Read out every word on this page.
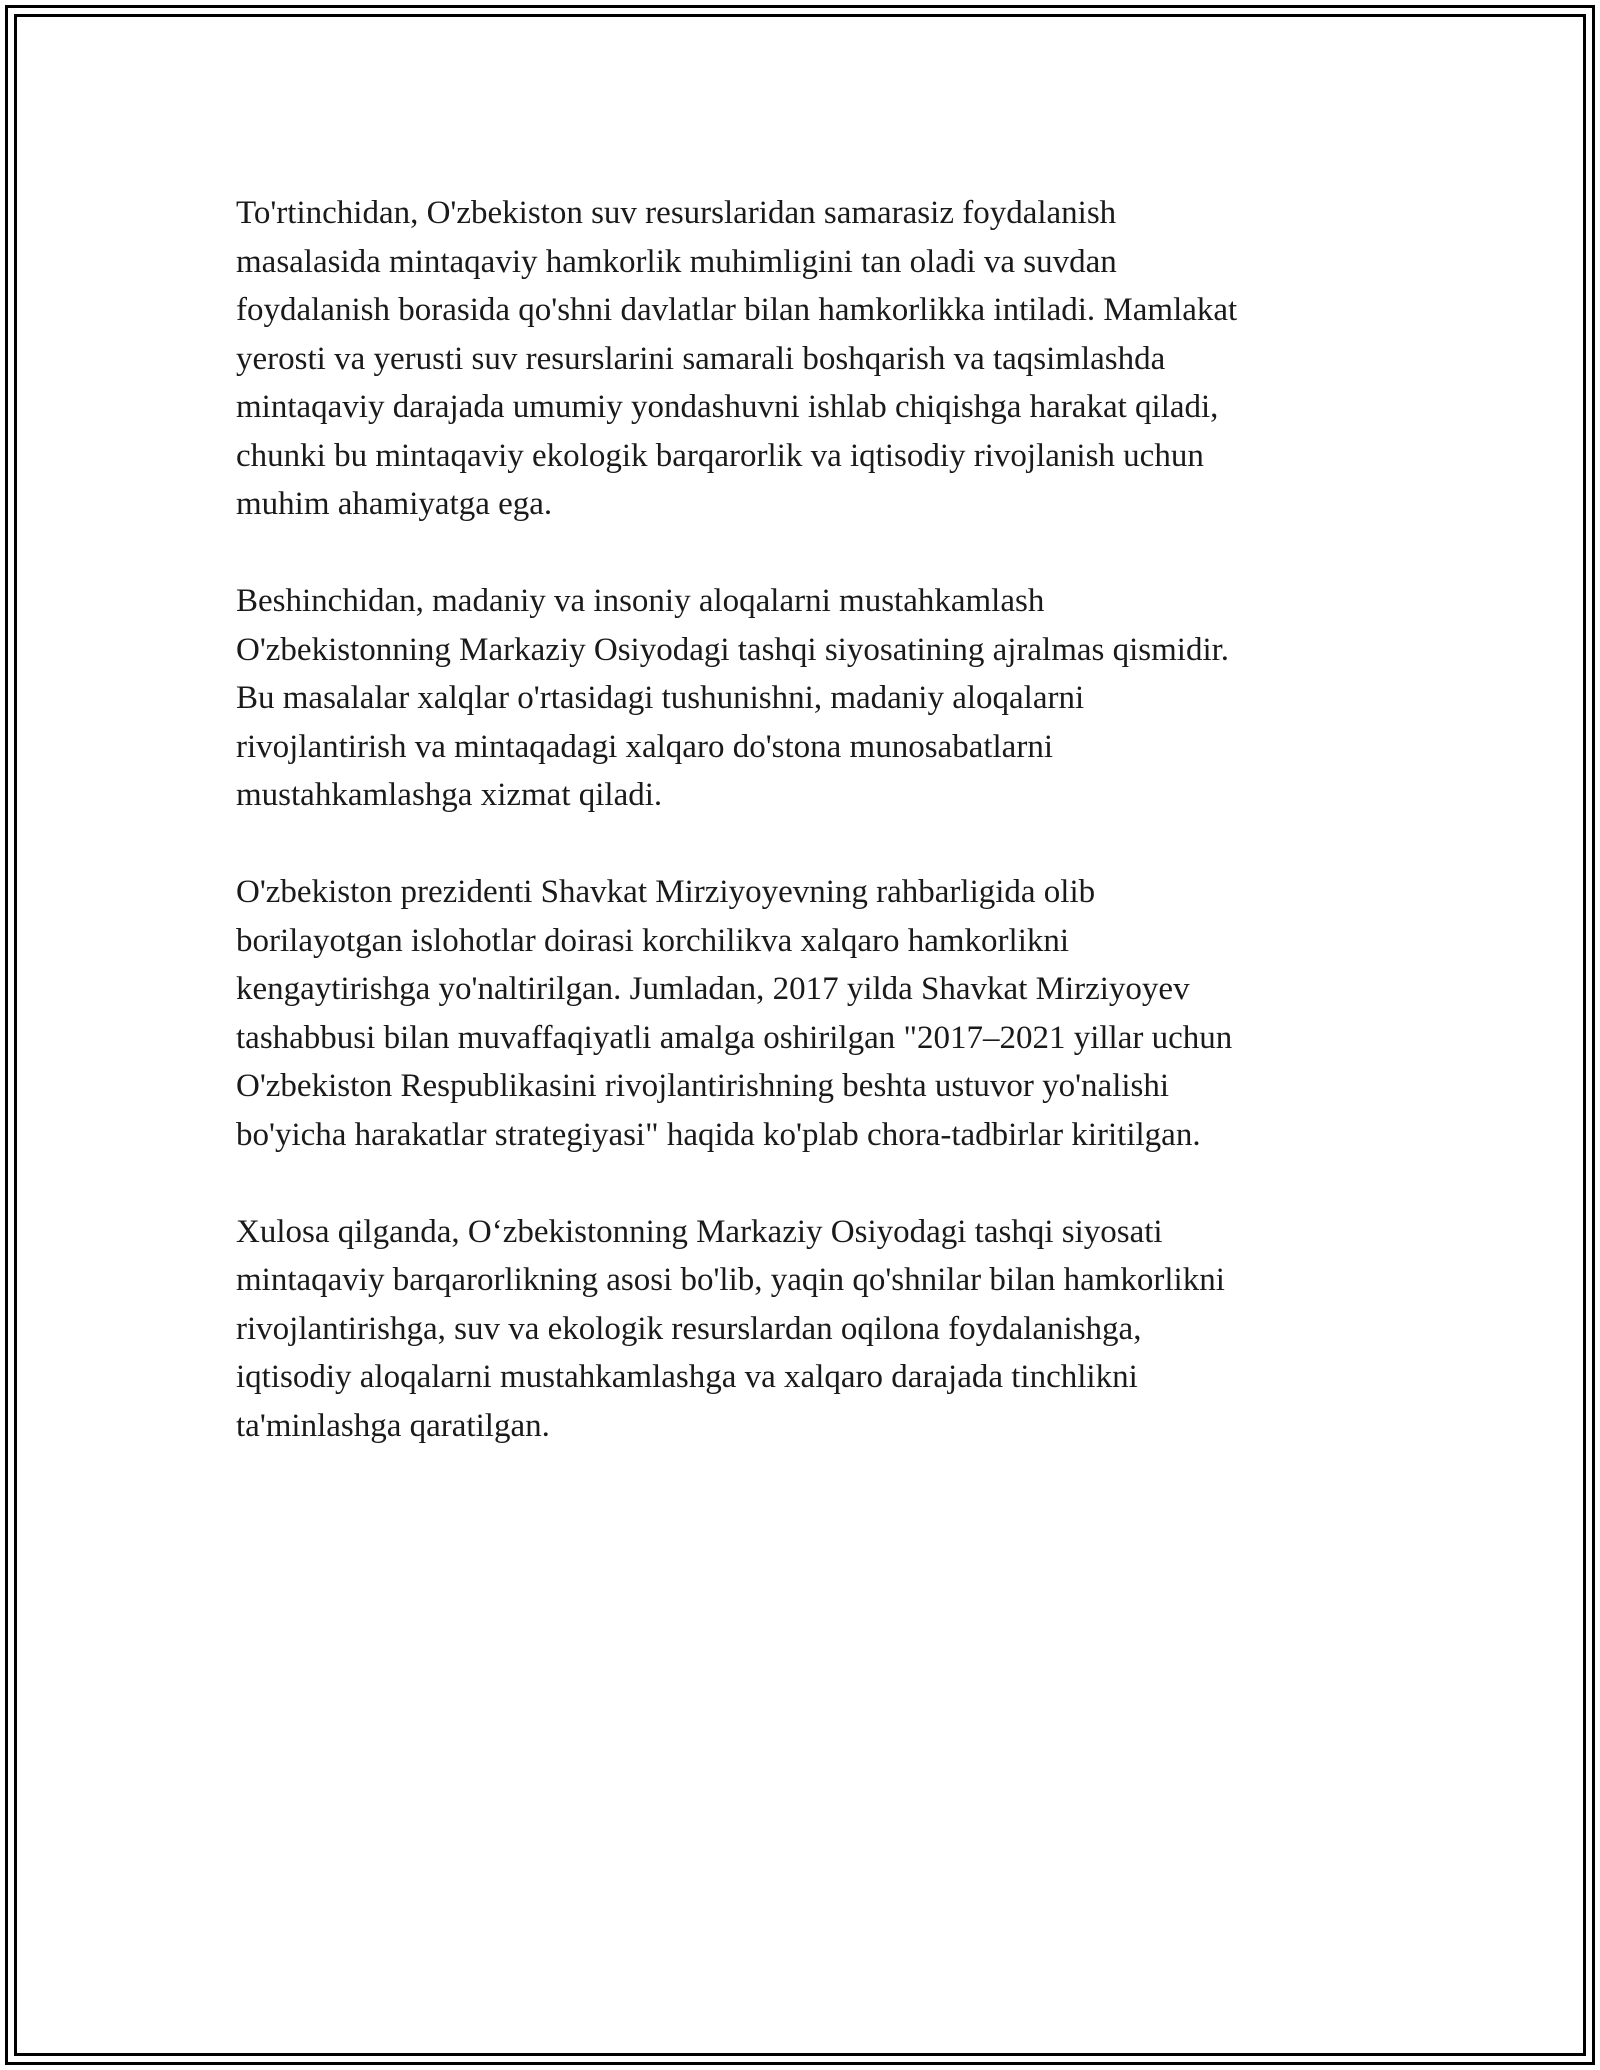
To'rtinchidan, O'zbekiston suv resurslaridan samarasiz foydalanish
masalasida mintaqaviy hamkorlik muhimligini tan oladi va suvdan
foydalanish borasida qo'shni davlatlar bilan hamkorlikka intiladi. Mamlakat
yerosti va yerusti suv resurslarini samarali boshqarish va taqsimlashda
mintaqaviy darajada umumiy yondashuvni ishlab chiqishga harakat qiladi,
chunki bu mintaqaviy ekologik barqarorlik va iqtisodiy rivojlanish uchun
muhim ahamiyatga ega.

Beshinchidan, madaniy va insoniy aloqalarni mustahkamlash
O'zbekistonning Markaziy Osiyodagi tashqi siyosatining ajralmas qismidir.
Bu masalalar xalqlar o'rtasidagi tushunishni, madaniy aloqalarni
rivojlantirish va mintaqadagi xalqaro do'stona munosabatlarni
mustahkamlashga xizmat qiladi.

O'zbekiston prezidenti Shavkat Mirziyoyevning rahbarligida olib
borilayotgan islohotlar doirasi korchilikva xalqaro hamkorlikni
kengaytirishga yo'naltirilgan. Jumladan, 2017 yilda Shavkat Mirziyoyev
tashabbusi bilan muvaffaqiyatli amalga oshirilgan "2017–2021 yillar uchun
O'zbekiston Respublikasini rivojlantirishning beshta ustuvor yo'nalishi
bo'yicha harakatlar strategiyasi" haqida ko'plab chora-tadbirlar kiritilgan.

Xulosa qilganda, O‘zbekistonning Markaziy Osiyodagi tashqi siyosati
mintaqaviy barqarorlikning asosi bo'lib, yaqin qo'shnilar bilan hamkorlikni
rivojlantirishga, suv va ekologik resurslardan oqilona foydalanishga,
iqtisodiy aloqalarni mustahkamlashga va xalqaro darajada tinchlikni
ta'minlashga qaratilgan.
